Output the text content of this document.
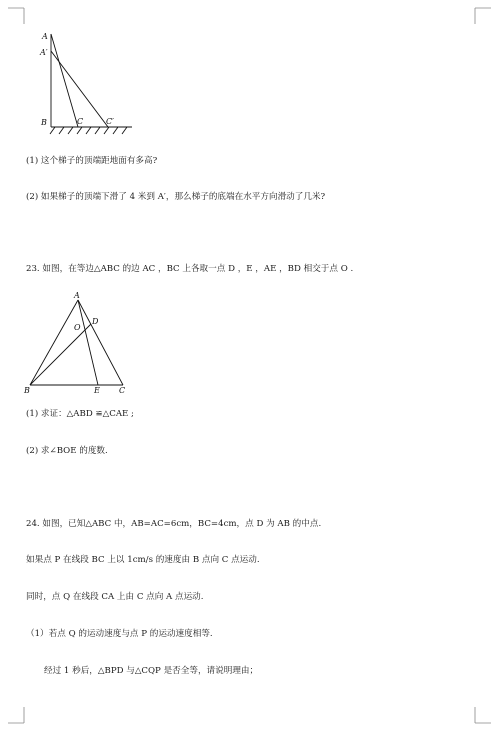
A
A′
B	C	C′
(1) 这个梯子的顶端距地面有多高?
(2) 如果梯子的顶端下滑了 4 米到 A′，那么梯子的底端在水平方向滑动了几米?
23. 如图，在等边△ABC 的边 AC ，BC 上各取一点 D ，E ，AE ，BD 相交于点 O .
A
D
O
B	E C
(1) 求证：△ABD ≌△CAE ;
(2) 求∠BOE 的度数.
24. 如图，已知△ABC 中，AB=AC=6cm，BC=4cm，点 D 为 AB 的中点.
如果点 P 在线段 BC 上以 1cm/s 的速度由 B 点向 C 点运动.
同时，点 Q 在线段 CA 上由 C 点向 A 点运动.
（1）若点 Q 的运动速度与点 P 的运动速度相等.
经过 1 秒后，△BPD 与△CQP 是否全等，请说明理由；
